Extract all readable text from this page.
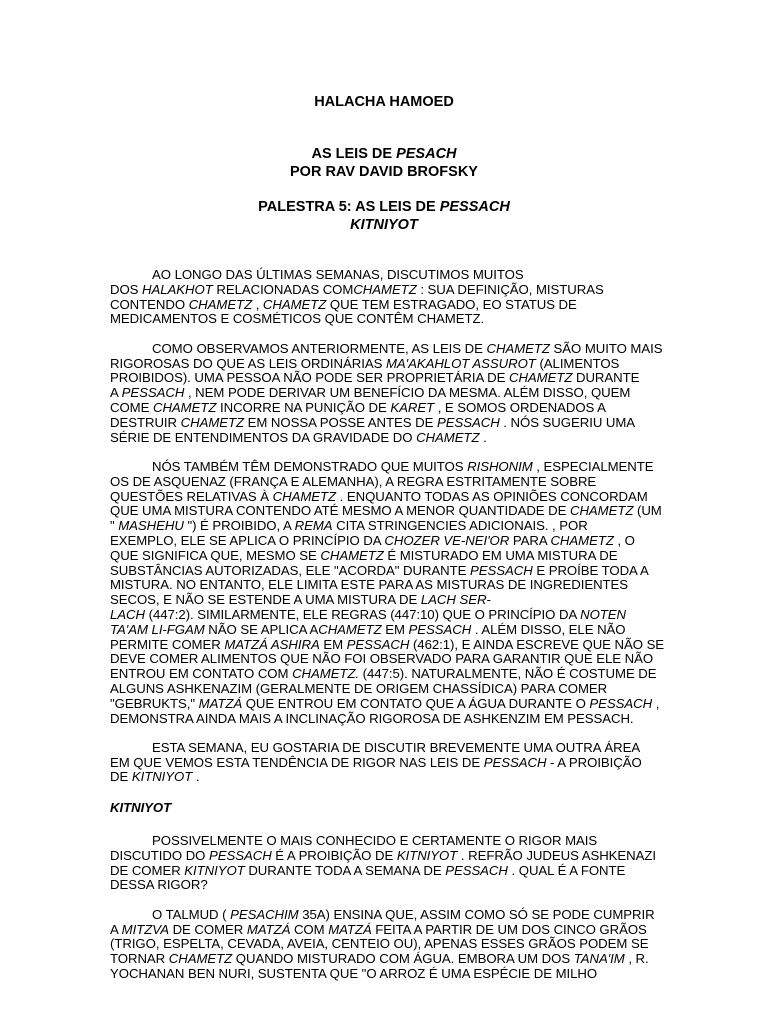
HALACHA HAMOED
AS LEIS DE PESACH
POR RAV DAVID BROFSKY
PALESTRA 5: AS LEIS DE PESSACH
KITNIYOT
AO LONGO DAS ÚLTIMAS SEMANAS, DISCUTIMOS MUITOS
DOS HALAKHOT RELACIONADAS COMCHAMETZ : SUA DEFINIÇÃO, MISTURAS
CONTENDO CHAMETZ , CHAMETZ QUE TEM ESTRAGADO, EO STATUS DE
MEDICAMENTOS E COSMÉTICOS QUE CONTÊM CHAMETZ.
COMO OBSERVAMOS ANTERIORMENTE, AS LEIS DE CHAMETZ SÃO MUITO MAIS
RIGOROSAS DO QUE AS LEIS ORDINÁRIAS MA'AKAHLOT ASSUROT (ALIMENTOS
PROIBIDOS). UMA PESSOA NÃO PODE SER PROPRIETÁRIA DE CHAMETZ DURANTE
A PESSACH , NEM PODE DERIVAR UM BENEFÍCIO DA MESMA. ALÉM DISSO, QUEM
COME CHAMETZ INCORRE NA PUNIÇÃO DE KARET , E SOMOS ORDENADOS A
DESTRUIR CHAMETZ EM NOSSA POSSE ANTES DE PESSACH . NÓS SUGERIU UMA
SÉRIE DE ENTENDIMENTOS DA GRAVIDADE DO CHAMETZ .
NÓS TAMBÉM TÊM DEMONSTRADO QUE MUITOS RISHONIM , ESPECIALMENTE
OS DE ASQUENAZ (FRANÇA E ALEMANHA), A REGRA ESTRITAMENTE SOBRE
QUESTÕES RELATIVAS À CHAMETZ . ENQUANTO TODAS AS OPINIÕES CONCORDAM
QUE UMA MISTURA CONTENDO ATÉ MESMO A MENOR QUANTIDADE DE CHAMETZ (UM
" MASHEHU ") É PROIBIDO, A REMA CITA STRINGENCIES ADICIONAIS. , POR
EXEMPLO, ELE SE APLICA O PRINCÍPIO DA CHOZER VE-NEI'OR PARA CHAMETZ , O
QUE SIGNIFICA QUE, MESMO SE CHAMETZ É MISTURADO EM UMA MISTURA DE
SUBSTÂNCIAS AUTORIZADAS, ELE "ACORDA" DURANTE PESSACH E PROÍBE TODA A
MISTURA. NO ENTANTO, ELE LIMITA ESTE PARA AS MISTURAS DE INGREDIENTES
SECOS, E NÃO SE ESTENDE A UMA MISTURA DE LACH SER-
LACH (447:2). SIMILARMENTE, ELE REGRAS (447:10) QUE O PRINCÍPIO DA NOTEN
TA'AM LI-FGAM NÃO SE APLICA ACHAMETZ EM PESSACH . ALÉM DISSO, ELE NÃO
PERMITE COMER MATZÁ ASHIRA EM PESSACH (462:1), E AINDA ESCREVE QUE NÃO SE
DEVE COMER ALIMENTOS QUE NÃO FOI OBSERVADO PARA GARANTIR QUE ELE NÃO
ENTROU EM CONTATO COM CHAMETZ. (447:5). NATURALMENTE, NÃO É COSTUME DE
ALGUNS ASHKENAZIM (GERALMENTE DE ORIGEM CHASSÍDICA) PARA COMER
"GEBRUKTS," MATZÁ QUE ENTROU EM CONTATO QUE A ÁGUA DURANTE O PESSACH ,
DEMONSTRA AINDA MAIS A INCLINAÇÃO RIGOROSA DE ASHKENZIM EM PESSACH.
ESTA SEMANA, EU GOSTARIA DE DISCUTIR BREVEMENTE UMA OUTRA ÁREA
EM QUE VEMOS ESTA TENDÊNCIA DE RIGOR NAS LEIS DE PESSACH - A PROIBIÇÃO
DE KITNIYOT .
KITNIYOT
POSSIVELMENTE O MAIS CONHECIDO E CERTAMENTE O RIGOR MAIS
DISCUTIDO DO PESSACH É A PROIBIÇÃO DE KITNIYOT . REFRÃO JUDEUS ASHKENAZI
DE COMER KITNIYOT DURANTE TODA A SEMANA DE PESSACH . QUAL É A FONTE
DESSA RIGOR?
O TALMUD ( PESACHIM 35A) ENSINA QUE, ASSIM COMO SÓ SE PODE CUMPRIR
A MITZVA DE COMER MATZÁ COM MATZÁ FEITA A PARTIR DE UM DOS CINCO GRÃOS
(TRIGO, ESPELTA, CEVADA, AVEIA, CENTEIO OU), APENAS ESSES GRÃOS PODEM SE
TORNAR CHAMETZ QUANDO MISTURADO COM ÁGUA. EMBORA UM DOS TANA'IM , R.
YOCHANAN BEN NURI, SUSTENTA QUE "O ARROZ É UMA ESPÉCIE DE MILHO
